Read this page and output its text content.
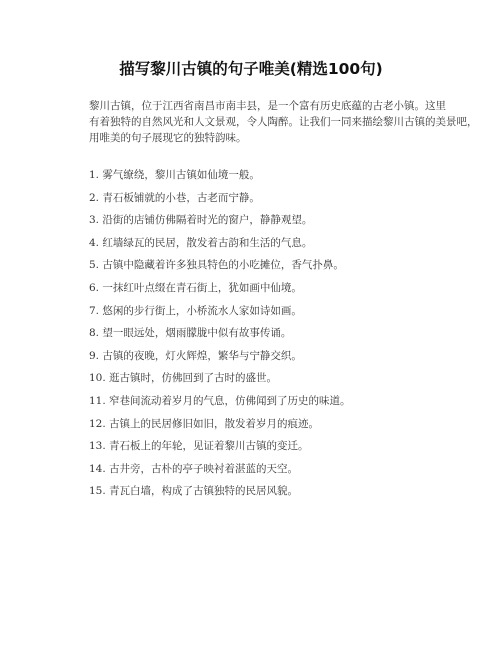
描写黎川古镇的句子唯美(精选100句)
黎川古镇，位于江西省南昌市南丰县，是一个富有历史底蕴的古老小镇。这里
有着独特的自然风光和人文景观，令人陶醉。让我们一同来描绘黎川古镇的美景吧，
用唯美的句子展现它的独特韵味。
1. 雾气缭绕，黎川古镇如仙境一般。
2. 青石板铺就的小巷，古老而宁静。
3. 沿街的店铺仿佛隔着时光的窗户，静静观望。
4. 红墙绿瓦的民居，散发着古韵和生活的气息。
5. 古镇中隐藏着许多独具特色的小吃摊位，香气扑鼻。
6. 一抹红叶点缀在青石街上，犹如画中仙境。
7. 悠闲的步行街上，小桥流水人家如诗如画。
8. 望一眼远处，烟雨朦胧中似有故事传诵。
9. 古镇的夜晚，灯火辉煌，繁华与宁静交织。
10. 逛古镇时，仿佛回到了古时的盛世。
11. 窄巷间流动着岁月的气息，仿佛闻到了历史的味道。
12. 古镇上的民居修旧如旧，散发着岁月的痕迹。
13. 青石板上的年轮，见证着黎川古镇的变迁。
14. 古井旁，古朴的亭子映衬着湛蓝的天空。
15. 青瓦白墙，构成了古镇独特的民居风貌。
